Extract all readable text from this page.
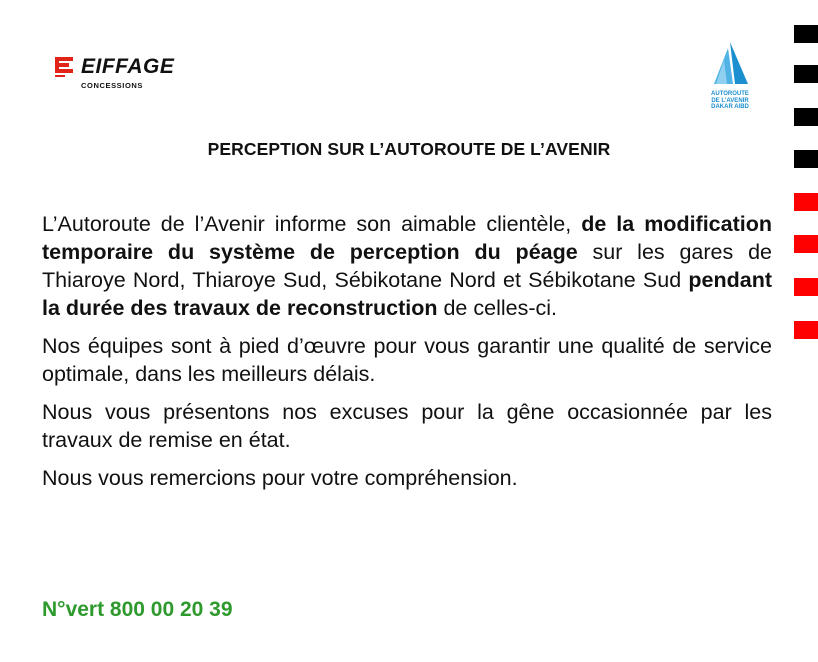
EIFFAGE
CONCESSIONS
AUTOROUTE
DE L'AVENIR
DAKAR AIBD
PERCEPTION SUR L’AUTOROUTE DE L’AVENIR

L’Autoroute de l’Avenir informe son aimable clientèle, de la modification temporaire du système de perception du péage sur les gares de Thiaroye Nord, Thiaroye Sud, Sébikotane Nord et Sébikotane Sud pendant la durée des travaux de reconstruction de celles-ci.

Nos équipes sont à pied d’œuvre pour vous garantir une qualité de service optimale, dans les meilleurs délais.

Nous vous présentons nos excuses pour la gêne occasionnée par les travaux de remise en état.

Nous vous remercions pour votre compréhension.

N°vert 800 00 20 39
